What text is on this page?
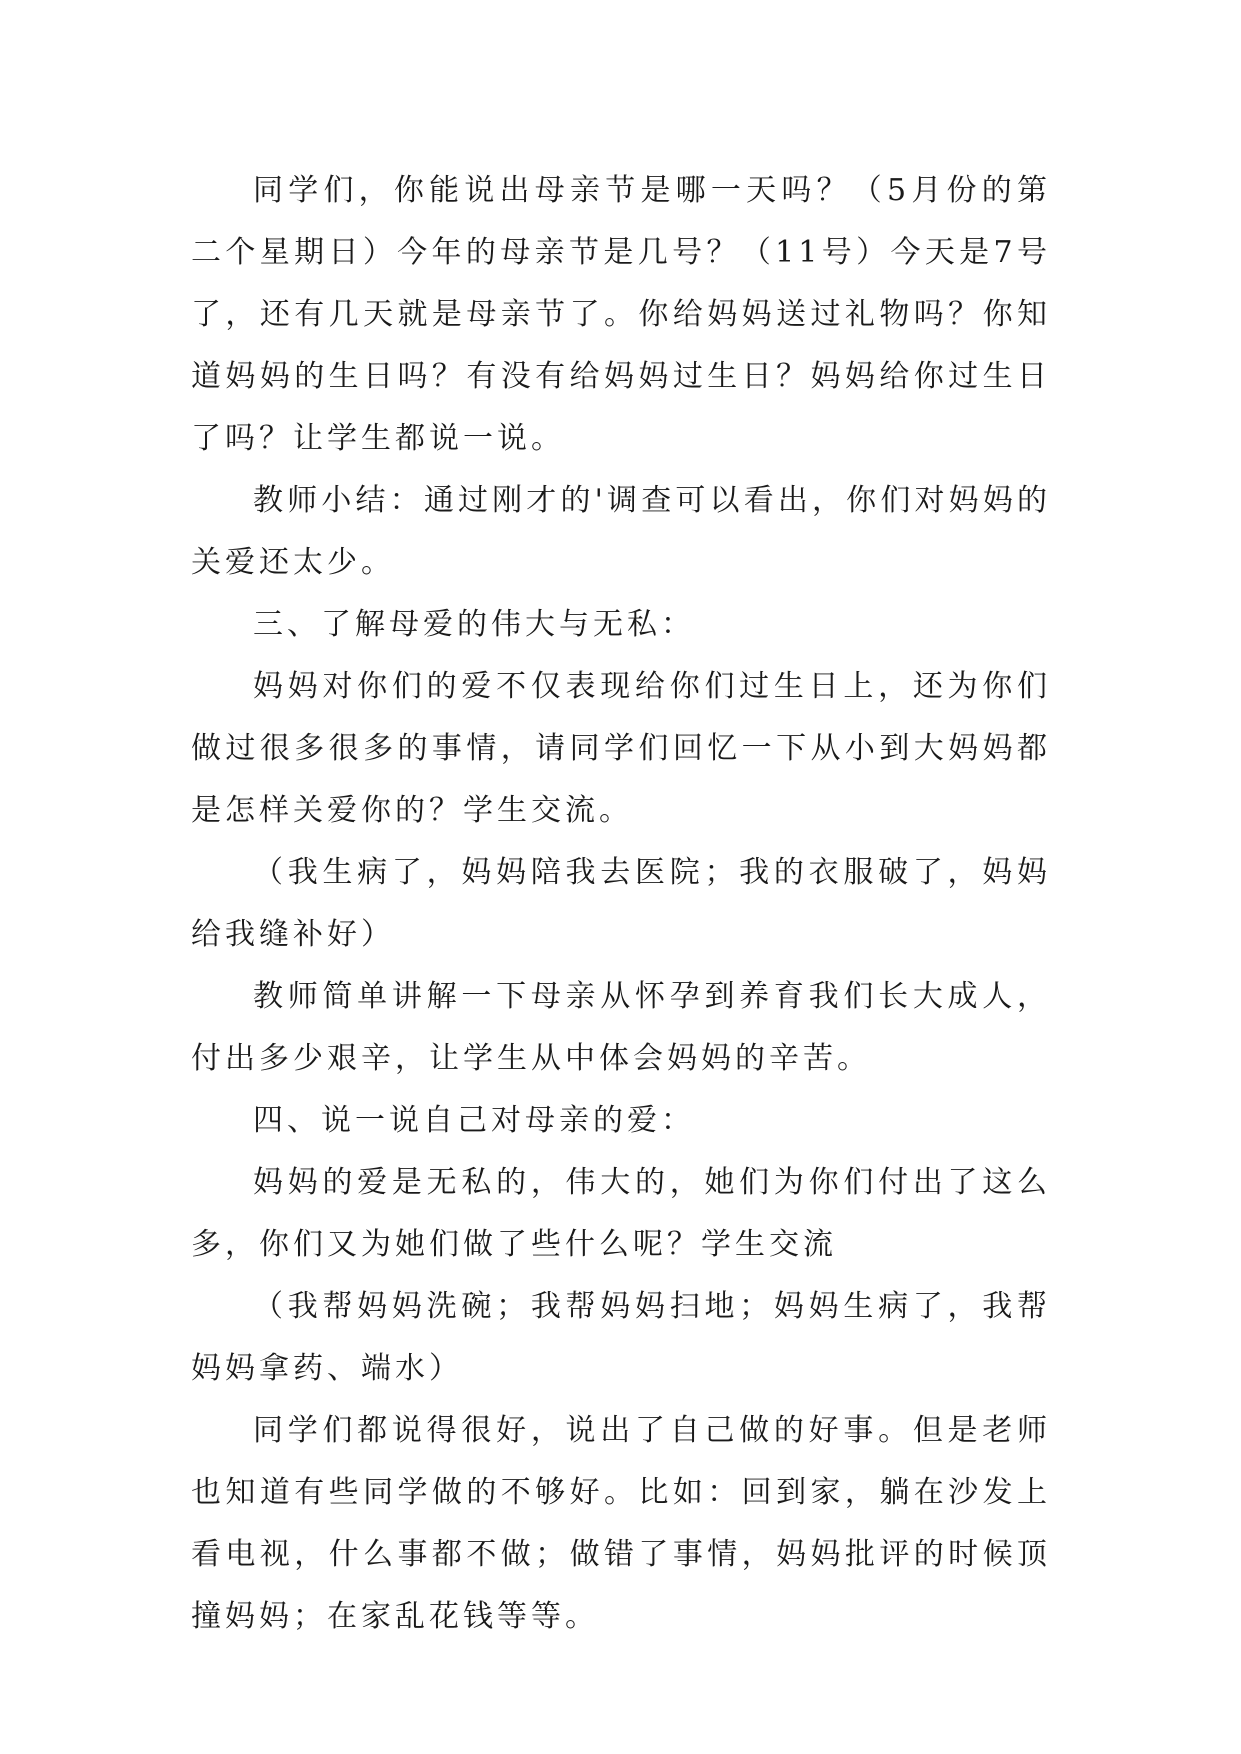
同学们，你能说出母亲节是哪一天吗？（5月份的第二个星期日）今年的母亲节是几号？（11号）今天是7号了，还有几天就是母亲节了。你给妈妈送过礼物吗？你知道妈妈的生日吗？有没有给妈妈过生日？妈妈给你过生日了吗？让学生都说一说。

教师小结：通过刚才的'调查可以看出，你们对妈妈的关爱还太少。

三、了解母爱的伟大与无私：

妈妈对你们的爱不仅表现给你们过生日上，还为你们做过很多很多的事情，请同学们回忆一下从小到大妈妈都是怎样关爱你的？学生交流。

（我生病了，妈妈陪我去医院；我的衣服破了，妈妈给我缝补好）

教师简单讲解一下母亲从怀孕到养育我们长大成人，付出多少艰辛，让学生从中体会妈妈的辛苦。

四、说一说自己对母亲的爱：

妈妈的爱是无私的，伟大的，她们为你们付出了这么多，你们又为她们做了些什么呢？学生交流

（我帮妈妈洗碗；我帮妈妈扫地；妈妈生病了，我帮妈妈拿药、端水）

同学们都说得很好，说出了自己做的好事。但是老师也知道有些同学做的不够好。比如：回到家，躺在沙发上看电视，什么事都不做；做错了事情，妈妈批评的时候顶撞妈妈；在家乱花钱等等。
